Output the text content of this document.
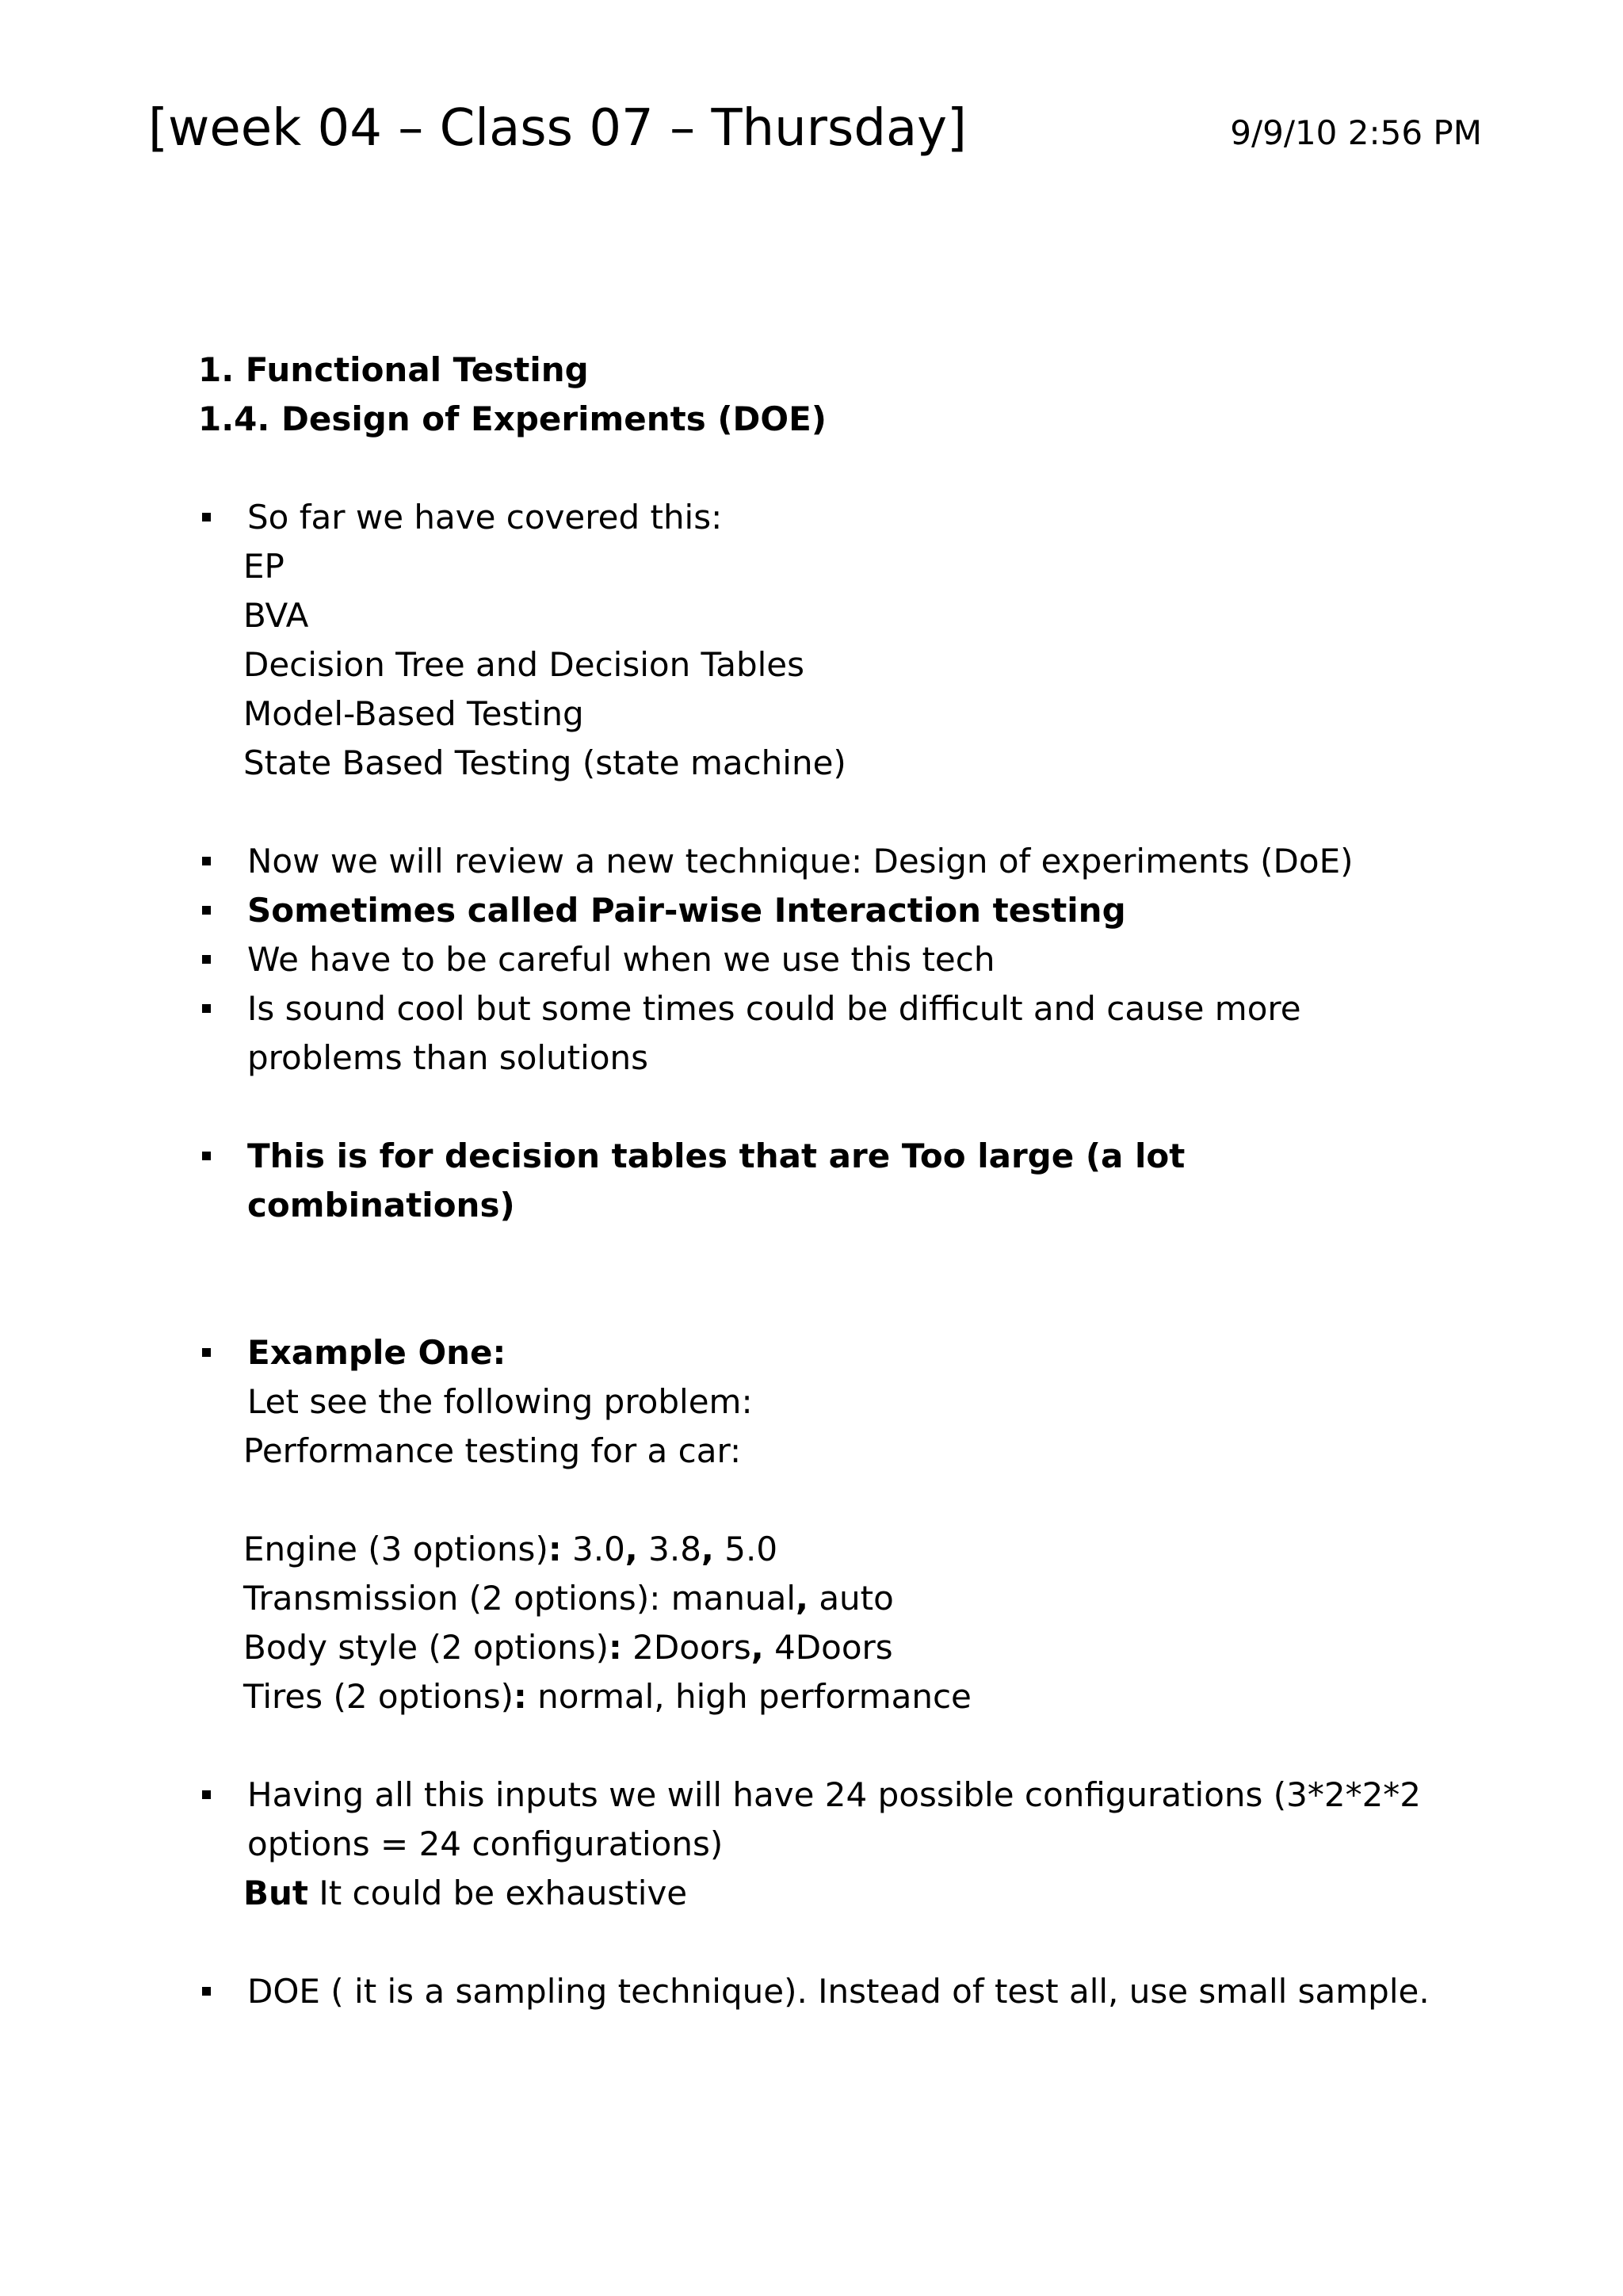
[week 04 – Class 07 – Thursday]	9/9/10 2:56 PM
1. Functional Testing
1.4. Design of Experiments (DOE)
So far we have covered this:
EP
BVA
Decision Tree and Decision Tables
Model-Based Testing
State Based Testing (state machine)
Now we will review a new technique: Design of experiments (DoE)
Sometimes called Pair-wise Interaction testing
We have to be careful when we use this tech
Is sound cool but some times could be difficult and cause more
problems than solutions
This is for decision tables that are Too large (a lot
combinations)
Example One:
Let see the following problem:
Performance testing for a car:
Engine (3 options): 3.0, 3.8, 5.0
Transmission (2 options): manual, auto
Body style (2 options): 2Doors, 4Doors
Tires (2 options): normal, high performance
Having all this inputs we will have 24 possible configurations (3*2*2*2
options = 24 configurations)
But It could be exhaustive
DOE ( it is a sampling technique). Instead of test all, use small sample.
